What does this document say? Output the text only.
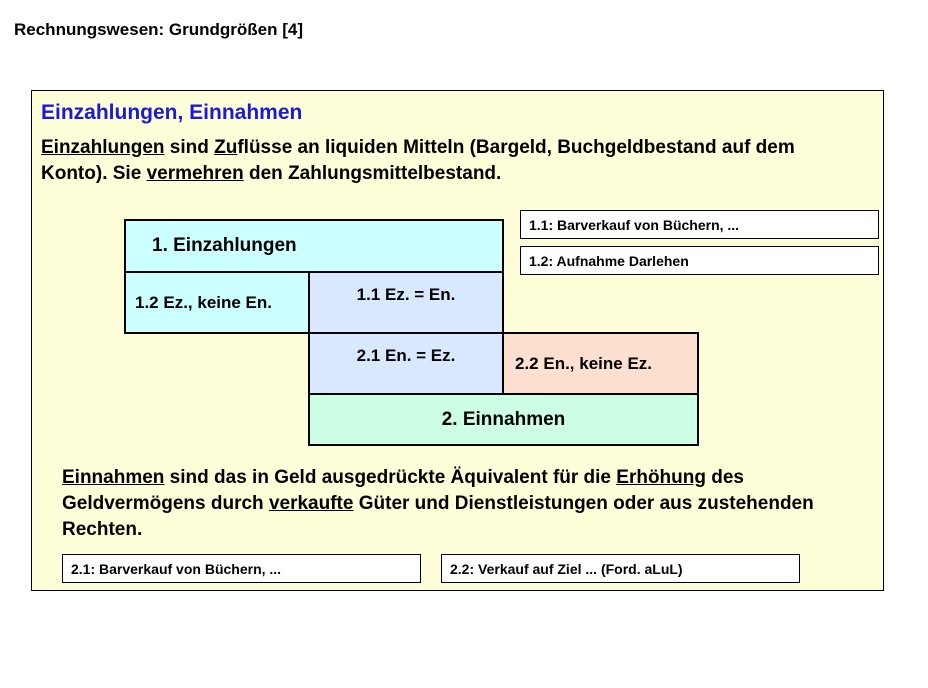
Rechnungswesen: Grundgrößen [4]
Einzahlungen, Einnahmen
Einzahlungen sind Zuflüsse an liquiden Mitteln (Bargeld, Buchgeldbestand auf dem Konto). Sie vermehren den Zahlungsmittelbestand.
1.1: Barverkauf von Büchern, ...
1.2: Aufnahme Darlehen
1. Einzahlungen
1.2 Ez., keine En.	1.1 Ez. = En.
2.1 En. = Ez.	2.2 En., keine Ez.
2. Einnahmen
Einnahmen sind das in Geld ausgedrückte Äquivalent für die Erhöhung des Geldvermögens durch verkaufte Güter und Dienstleistungen oder aus zustehenden Rechten.
2.1: Barverkauf von Büchern, ...	2.2: Verkauf auf Ziel ... (Ford. aLuL)
